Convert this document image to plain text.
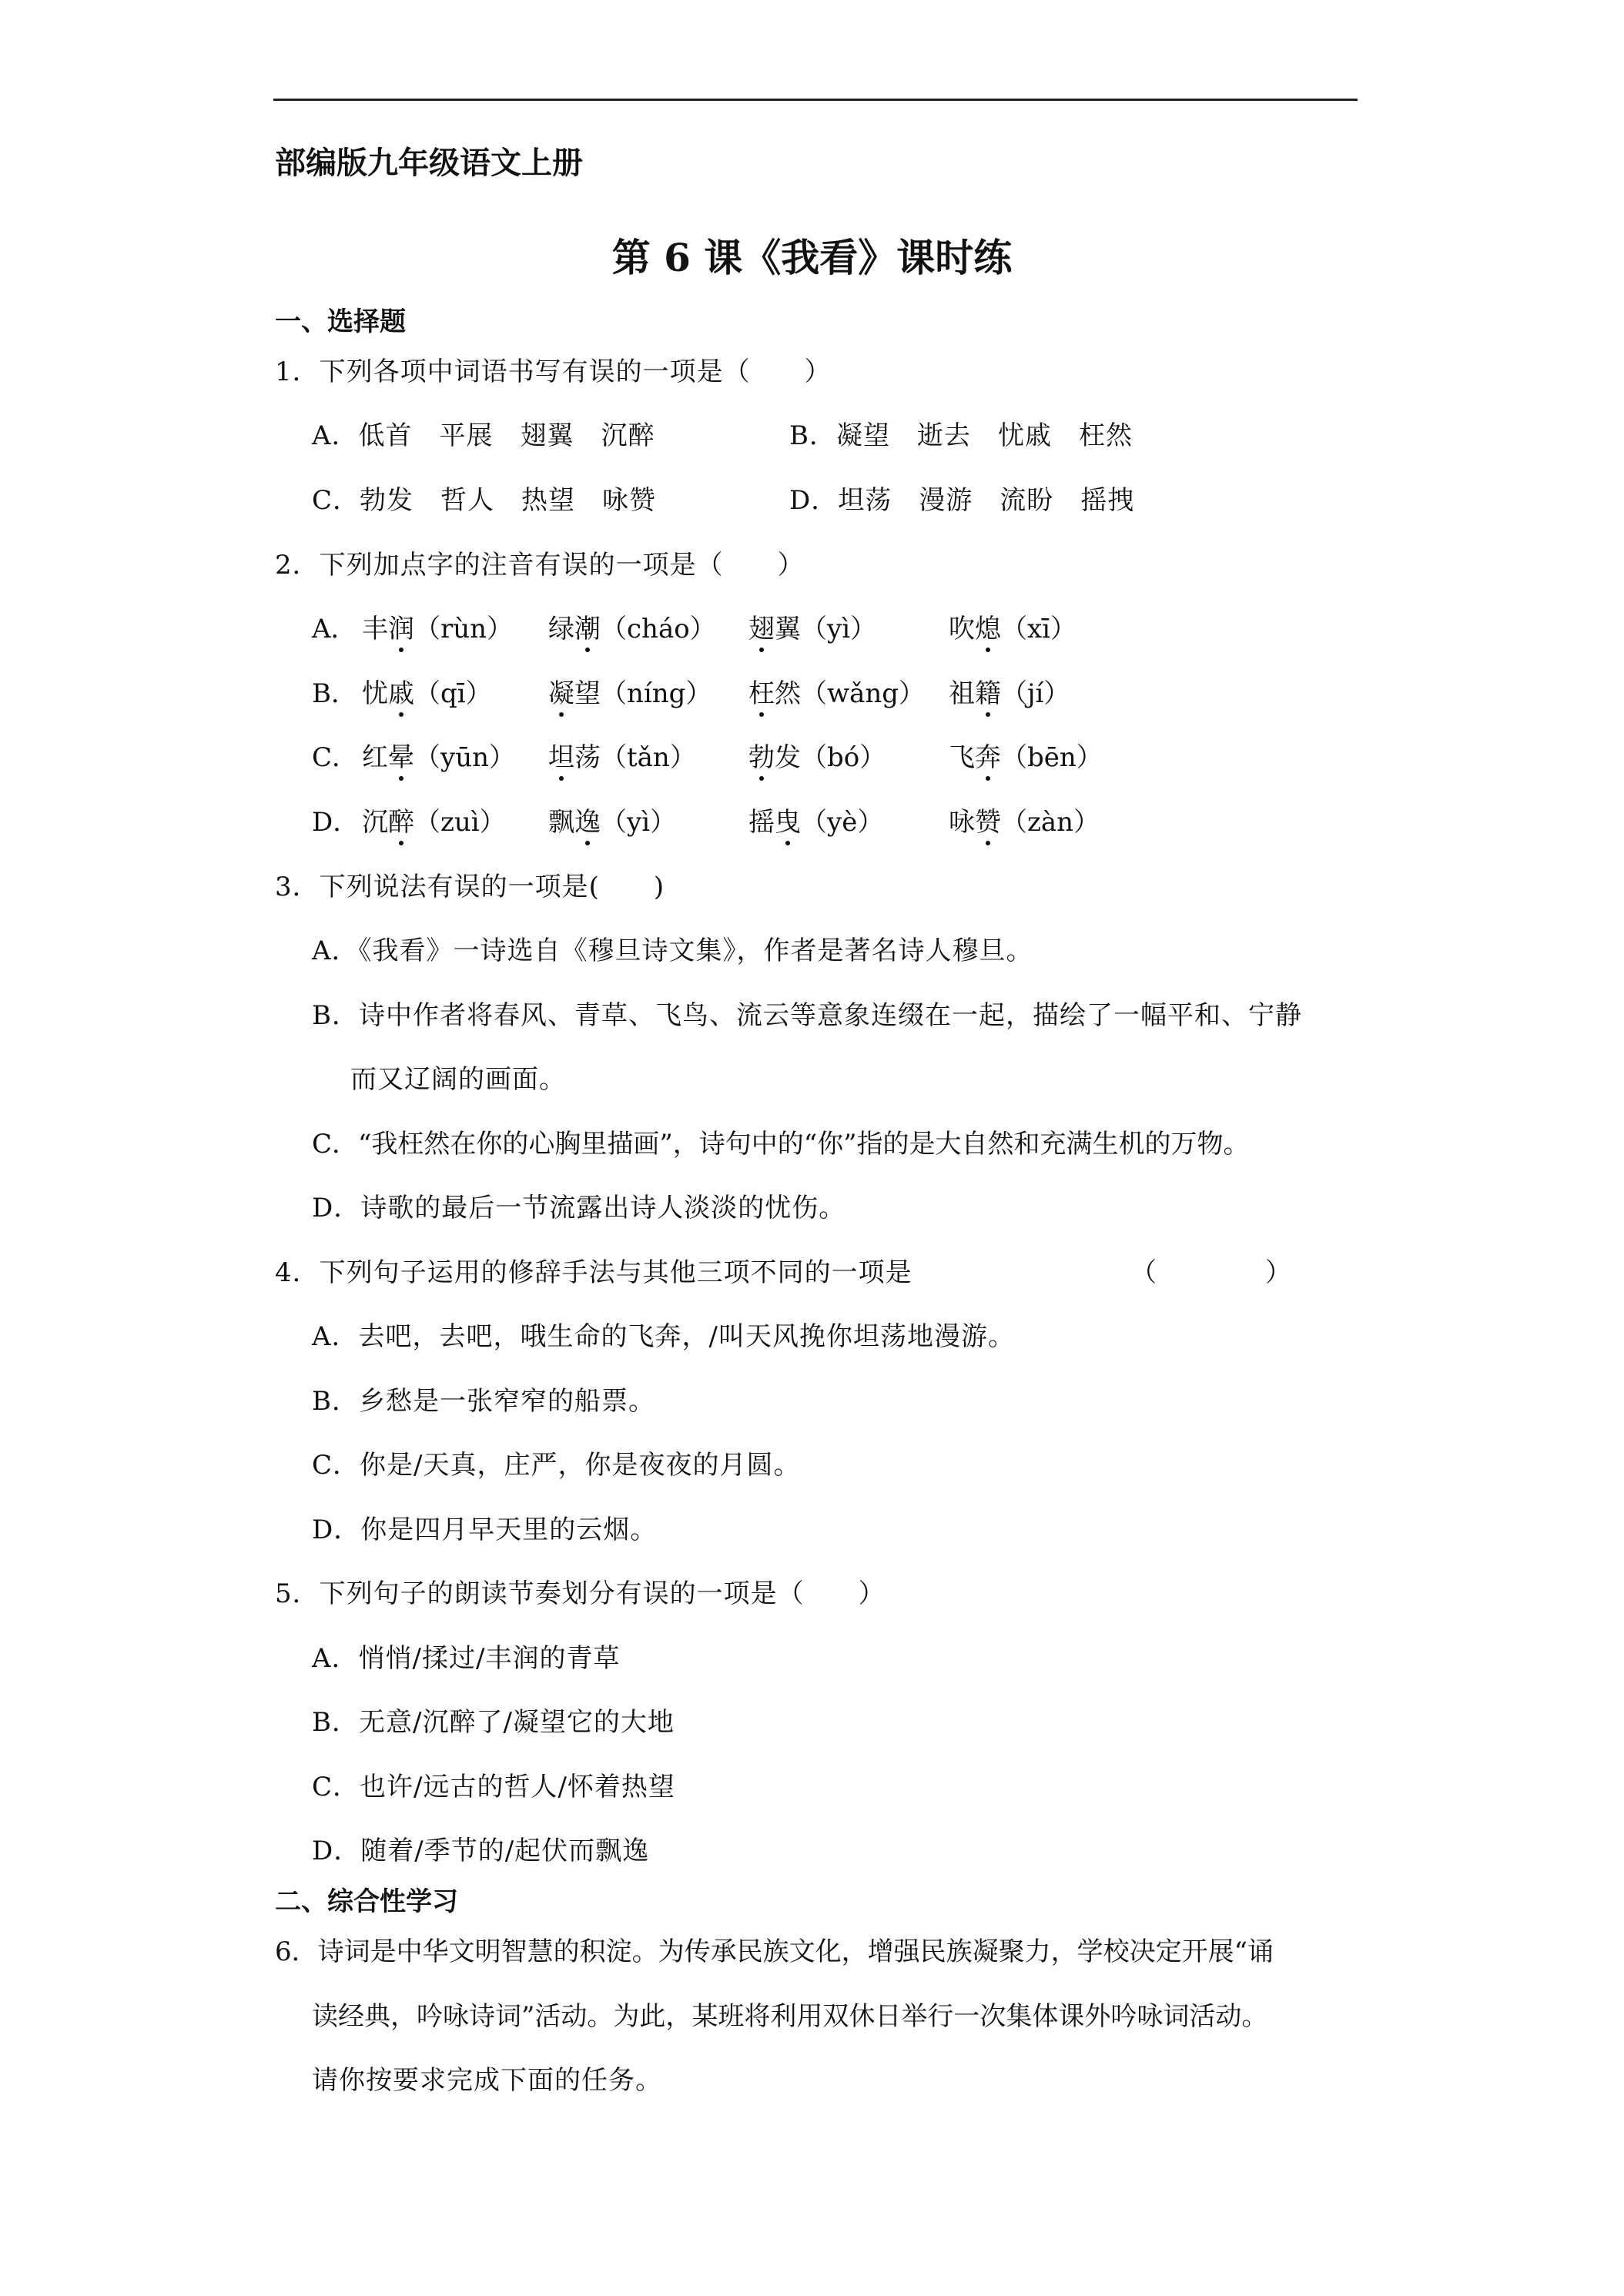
部编版九年级语文上册
第 6 课《我看》课时练
一、选择题
1．下列各项中词语书写有误的一项是（　　）
A．低首　平展　翅翼　沉醉	B．凝望　逝去　忧戚　枉然
C．勃发　哲人　热望　咏赞	D．坦荡　漫游　流盼　摇拽
2．下列加点字的注音有误的一项是（　　）
A． 丰润（rùn） 绿潮（cháo） 翅翼（yì）	吹熄（xī）
B． 忧戚（qī） 凝望（níng） 枉然（wǎng） 祖籍（jí）
C． 红晕（yūn） 坦荡（tǎn） 勃发（bó） 飞奔（bēn）
D． 沉醉（zuì） 飘逸（yì）	摇曳（yè） 咏赞（zàn）
3．下列说法有误的一项是(　　)
A．《我看》一诗选自《穆旦诗文集》，作者是著名诗人穆旦。
B．诗中作者将春风、青草、飞鸟、流云等意象连缀在一起，描绘了一幅平和、宁静
而又辽阔的画面。
C．“我枉然在你的心胸里描画”，诗句中的“你”指的是大自然和充满生机的万物。
D．诗歌的最后一节流露出诗人淡淡的忧伤。
4．下列句子运用的修辞手法与其他三项不同的一项是	（　　　　）
A．去吧，去吧，哦生命的飞奔，/叫天风挽你坦荡地漫游。
B．乡愁是一张窄窄的船票。
C．你是/天真，庄严，你是夜夜的月圆。
D．你是四月早天里的云烟。
5．下列句子的朗读节奏划分有误的一项是（　　）
A．悄悄/揉过/丰润的青草
B．无意/沉醉了/凝望它的大地
C．也许/远古的哲人/怀着热望
D．随着/季节的/起伏而飘逸
二、综合性学习
6．诗词是中华文明智慧的积淀。为传承民族文化，增强民族凝聚力，学校决定开展“诵
读经典，吟咏诗词”活动。为此，某班将利用双休日举行一次集体课外吟咏词活动。
请你按要求完成下面的任务。
